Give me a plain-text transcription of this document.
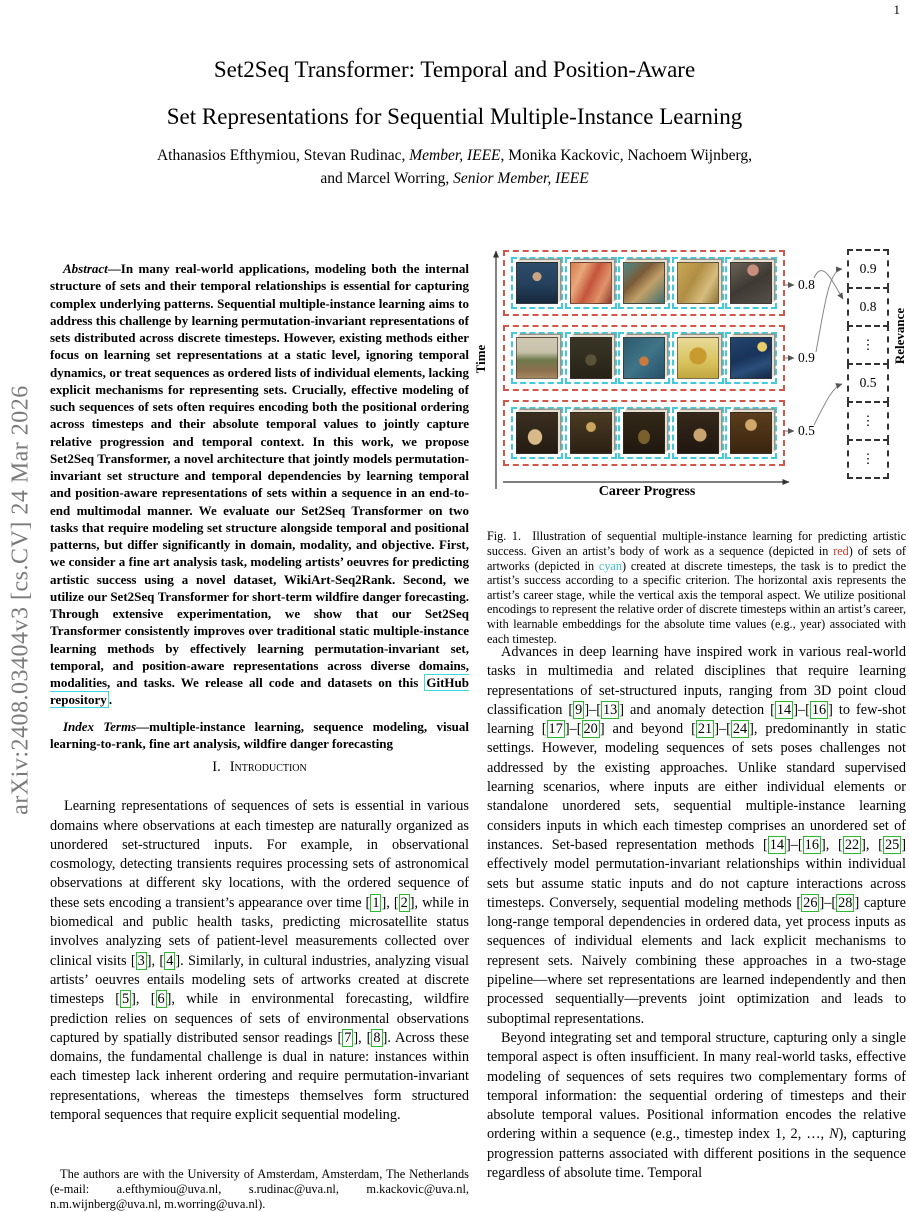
1
arXiv:2408.03404v3 [cs.CV] 24 Mar 2026
Set2Seq Transformer: Temporal and Position-Aware
Set Representations for Sequential Multiple-Instance Learning
Athanasios Efthymiou, Stevan Rudinac, Member, IEEE, Monika Kackovic, Nachoem Wijnberg,
and Marcel Worring, Senior Member, IEEE

Abstract—In many real-world applications, modeling both the internal structure of sets and their temporal relationships is essential for capturing complex underlying patterns. Sequential multiple-instance learning aims to address this challenge by learning permutation-invariant representations of sets distributed across discrete timesteps. However, existing methods either focus on learning set representations at a static level, ignoring temporal dynamics, or treat sequences as ordered lists of individual elements, lacking explicit mechanisms for representing sets. Crucially, effective modeling of such sequences of sets often requires encoding both the positional ordering across timesteps and their absolute temporal values to jointly capture relative progression and temporal context. In this work, we propose Set2Seq Transformer, a novel architecture that jointly models permutation-invariant set structure and temporal dependencies by learning temporal and position-aware representations of sets within a sequence in an end-to-end multimodal manner. We evaluate our Set2Seq Transformer on two tasks that require modeling set structure alongside temporal and positional patterns, but differ significantly in domain, modality, and objective. First, we consider a fine art analysis task, modeling artists’ oeuvres for predicting artistic success using a novel dataset, WikiArt-Seq2Rank. Second, we utilize our Set2Seq Transformer for short-term wildfire danger forecasting. Through extensive experimentation, we show that our Set2Seq Transformer consistently improves over traditional static multiple-instance learning methods by effectively learning permutation-invariant set, temporal, and position-aware representations across diverse domains, modalities, and tasks. We release all code and datasets on this GitHub repository .

Index Terms—multiple-instance learning, sequence modeling, visual learning-to-rank, fine art analysis, wildfire danger forecasting

I. Introduction

Learning representations of sequences of sets is essential in various domains where observations at each timestep are naturally organized as unordered set-structured inputs. For example, in observational cosmology, detecting transients requires processing sets of astronomical observations at different sky locations, with the ordered sequence of these sets encoding a transient’s appearance over time [ 1 ], [ 2 ], while in biomedical and public health tasks, predicting microsatellite status involves analyzing sets of patient-level measurements collected over clinical visits [ 3 ], [ 4 ]. Similarly, in cultural industries, analyzing visual artists’ oeuvres entails modeling sets of artworks created at discrete timesteps [ 5 ], [ 6 ], while in environmental forecasting, wildfire prediction relies on sequences of sets of environmental observations captured by spatially distributed sensor readings [ 7 ], [ 8 ]. Across these domains, the fundamental challenge is dual in nature: instances within each timestep lack inherent ordering and require permutation-invariant representations, whereas the timesteps themselves form structured temporal sequences that require explicit sequential modeling.

The authors are with the University of Amsterdam, Amsterdam, The Netherlands (e-mail: a.efthymiou@uva.nl, s.rudinac@uva.nl, m.kackovic@uva.nl, n.m.wijnberg@uva.nl, m.worring@uva.nl).

0.8
0.9
0.5
0.9
0.8
⋮
0.5
⋮
⋮
Time	Relevance
Career Progress

Fig. 1.  Illustration of sequential multiple-instance learning for predicting artistic success. Given an artist’s body of work as a sequence (depicted in red) of sets of artworks (depicted in cyan) created at discrete timesteps, the task is to predict the artist’s success according to a specific criterion. The horizontal axis represents the artist’s career stage, while the vertical axis the temporal aspect. We utilize positional encodings to represent the relative order of discrete timesteps within an artist’s career, with learnable embeddings for the absolute time values (e.g., year) associated with each timestep.

Advances in deep learning have inspired work in various real-world tasks in multimedia and related disciplines that require learning representations of set-structured inputs, ranging from 3D point cloud classification [ 9 ]–[ 13 ] and anomaly detection [ 14 ]–[ 16 ] to few-shot learning [ 17 ]–[ 20 ] and beyond [ 21 ]–[ 24 ], predominantly in static settings. However, modeling sequences of sets poses challenges not addressed by the existing approaches. Unlike standard supervised learning scenarios, where inputs are either individual elements or standalone unordered sets, sequential multiple-instance learning considers inputs in which each timestep comprises an unordered set of instances. Set-based representation methods [ 14 ]–[ 16 ], [ 22 ], [ 25 ] effectively model permutation-invariant relationships within individual sets but assume static inputs and do not capture interactions across timesteps. Conversely, sequential modeling methods [ 26 ]–[ 28 ] capture long-range temporal dependencies in ordered data, yet process inputs as sequences of individual elements and lack explicit mechanisms to represent sets. Naively combining these approaches in a two-stage pipeline—where set representations are learned independently and then processed sequentially—prevents joint optimization and leads to suboptimal representations.

Beyond integrating set and temporal structure, capturing only a single temporal aspect is often insufficient. In many real-world tasks, effective modeling of sequences of sets requires two complementary forms of temporal information: the sequential ordering of timesteps and their absolute temporal values. Positional information encodes the relative ordering within a sequence (e.g., timestep index 1, 2, …, N), capturing progression patterns associated with different positions in the sequence regardless of absolute time. Temporal
